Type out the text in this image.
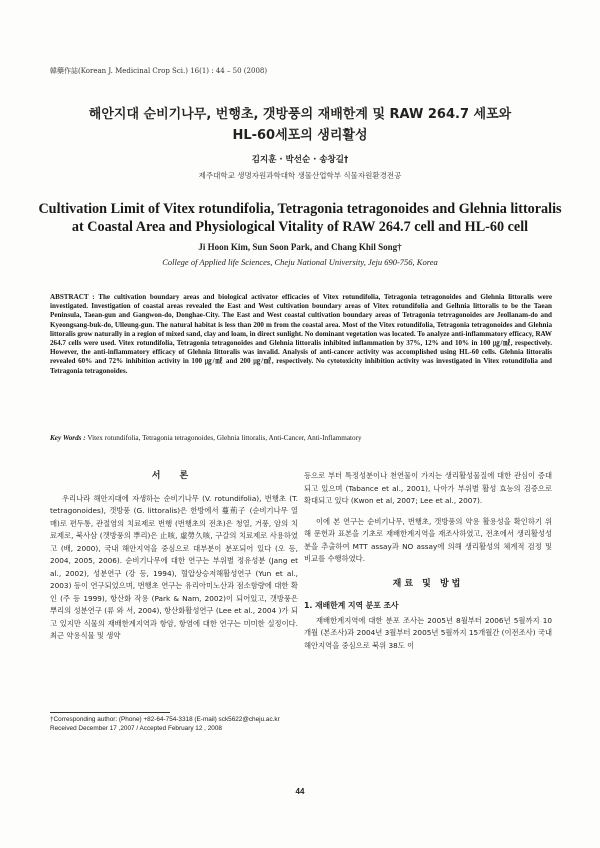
韓藥作誌(Korean J. Medicinal Crop Sci.) 16(1) : 44 – 50 (2008)
해안지대 순비기나무, 번행초, 갯방풍의 재배한계 및 RAW 264.7 세포와
HL-60세포의 생리활성
김지훈 · 박선순 · 송창길†
제주대학교 생명자원과학대학 생물산업학부 식물자원환경전공
Cultivation Limit of Vitex rotundifolia, Tetragonia tetragonoides and Glehnia littoralis
at Coastal Area and Physiological Vitality of RAW 264.7 cell and HL-60 cell
Ji Hoon Kim, Sun Soon Park, and Chang Khil Song†
College of Applied life Sciences, Cheju National University, Jeju 690-756, Korea
ABSTRACT : The cultivation boundary areas and biological activator efficacies of Vitex rotundifolia, Tetragonia tetragonoides and Glehnia littoralis were investigated. Investigation of coastal areas revealed the East and West cultivation boundary areas of Vitex rotundifolia and Gelhnia littoralis to be the Taean Peninsula, Taean-gun and Gangwon-do, Donghae-City. The East and West coastal cultivation boundary areas of Tetragonia tetrragonoides are Jeollanam-do and Kyeongsang-buk-do, Ulleung-gun. The natural habitat is less than 200 m from the coastal area. Most of the Vitex rotundifolia, Tetragonia tetragonoides and Glehnia littoralis grow naturally in a region of mixed sand, clay and loam, in direct sunlight. No dominant vegetation was located. To analyze anti-inflammatory efficacy, RAW 264.7 cells were used. Vitex rotundifolia, Tetragonia tetragonoides and Glehnia littoralis inhibited inflammation by 37%, 12% and 10% in 100 ㎍/㎖, respectively. However, the anti-inflammatory efficacy of Glehnia littoralis was invalid. Analysis of anti-cancer activity was accomplished using HL-60 cells. Glehnia littoralis revealed 60% and 72% inhibition activity in 100 ㎍/㎖ and 200 ㎍/㎖, respectively. No cytotoxicity inhibition activity was investigated in Vitex rotundifolia and Tetragonia tetragonoides.
Key Words : Vitex rotundifolia, Tetragonia tetragonoides, Glehnia littoralis, Anti-Cancer, Anti-Inflammatory
서 론
우리나라 해안지대에 자생하는 순비기나무 (V. rotundifolia), 번행초 (T. tetragonoides), 갯방풍 (G. littoralis)은 한방에서 蔓荊子 (순비기나무 열매)로 편두통, 관절염의 치료제로 번행 (번행초의 전초)은 청열, 거풍, 암의 치료제로, 북사삼 (갯방풍의 뿌리)은 止咳, 虛勞久咳, 구갈의 치료제로 사용하였고 (배, 2000), 국내 해안지역을 중심으로 대부분이 분포되어 있다 (오 등, 2004, 2005, 2006). 순비기나무에 대한 연구는 부위별 정유성분 (Jang et al., 2002), 성분연구 (강 등, 1994), 혈압상승저해활성연구 (Yun et al., 2003) 등이 연구되었으며, 번행초 연구는 유리아미노산과 점소함량에 대한 확인 (주 등 1999), 항산화 작용 (Park & Nam, 2002)이 되어있고, 갯방풍은 뿌리의 성분연구 (류 와 서, 2004), 항산화활성연구 (Lee et al., 2004 )가 되고 있지만 식물의 재배한계지역과 항암, 항염에 대한 연구는 미미한 실정이다. 최근 약용식물 및 생약
등으로 부터 특정성분이나 천연물이 가지는 생리활성물질에 대한 관심이 증대되고 있으며 (Tabance et al., 2001), 나아가 부위별 활성 효능의 검증으로 확대되고 있다 (Kwon et al, 2007; Lee et al., 2007).
이에 본 연구는 순비기나무, 번행초, 갯방풍의 약용 활용성을 확인하기 위해 문헌과 표본을 기초로 재배한계지역을 재조사하였고, 전초에서 생리활성성분을 추출하여 MTT assay과 NO assay에 의해 생리활성의 체계적 검정 및 비교를 수행하였다.
재료 및 방법
1. 재배한계 지역 분포 조사
재배한계지역에 대한 분포 조사는 2005년 8월부터 2006년 5월까지 10개월 (본조사)과 2004년 3월부터 2005년 5월까지 15개월간 (이전조사) 국내 해안지역을 중심으로 북위 38도 이
†Corresponding author: (Phone) +82-64-754-3318 (E-mail) sck5622@cheju.ac.kr
Received December 17 ,2007 / Accepted February 12 , 2008
44
